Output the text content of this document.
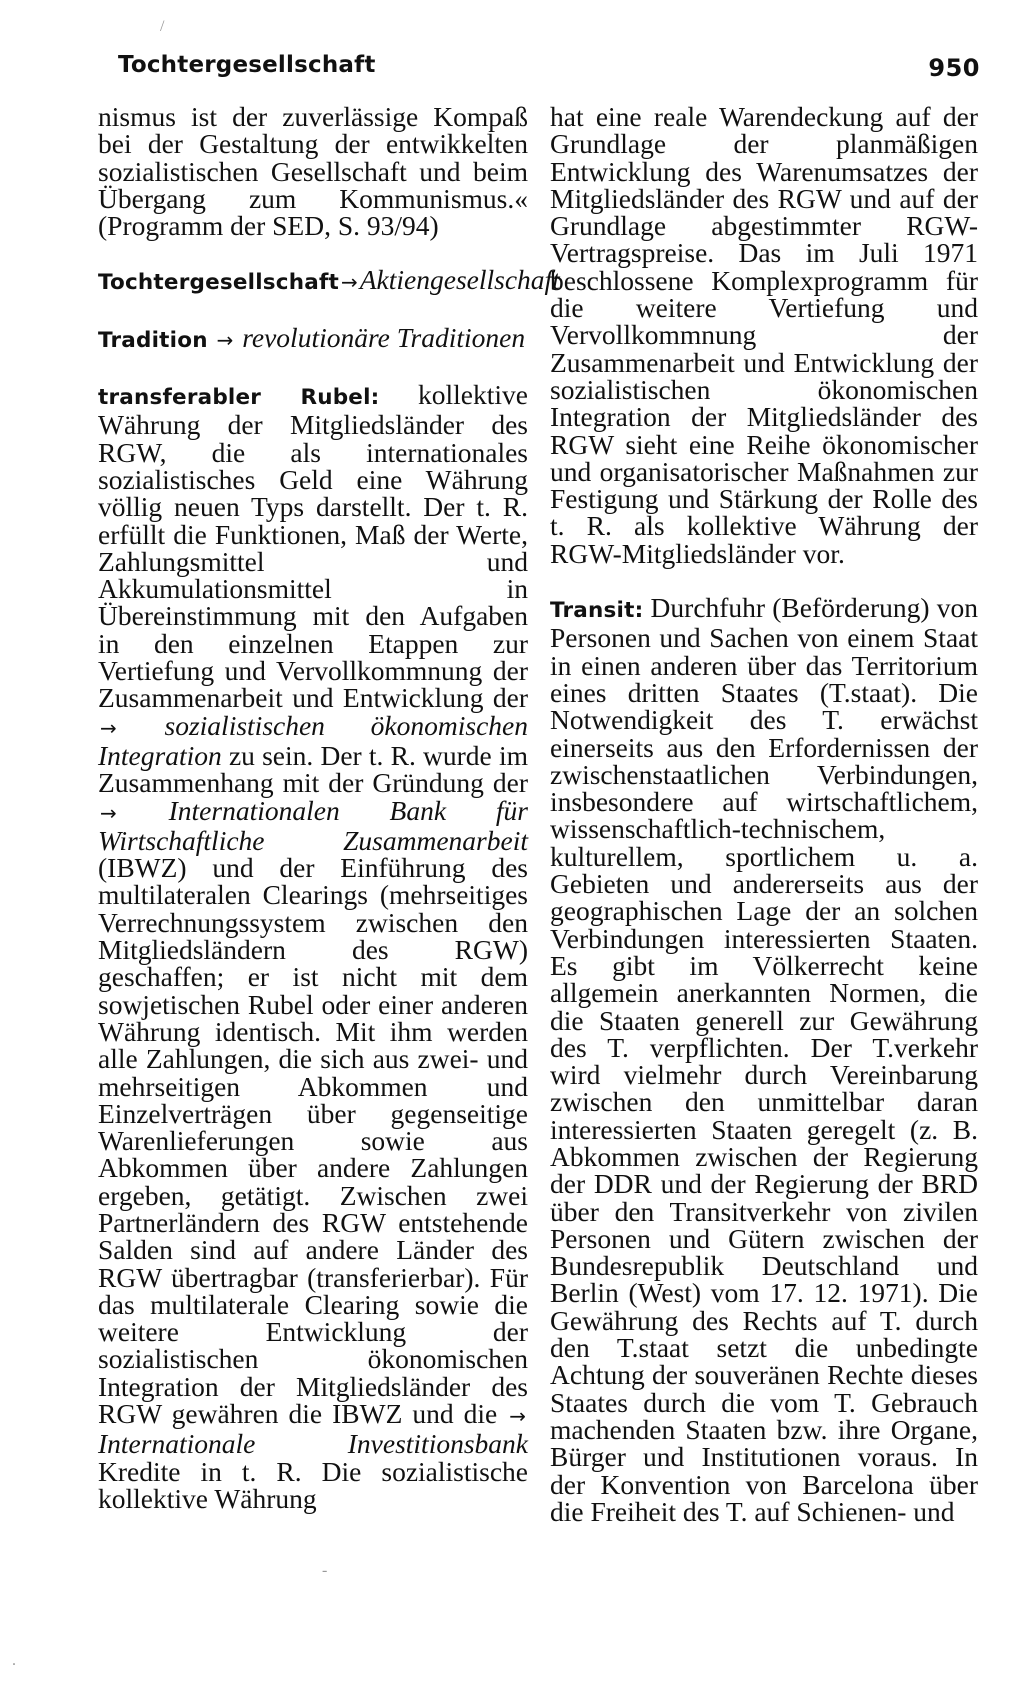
/
Tochtergesellschaft	950

nismus ist der zuverlässige Kompaß bei der Gestaltung der entwikkelten sozialistischen Gesellschaft und beim Übergang zum Kommunismus.« (Programm der SED, S. 93/94)

Tochtergesellschaft →Aktiengesellschaft

Tradition → revolutionäre Traditionen

transferabler Rubel: kollektive Währung der Mitgliedsländer des RGW, die als internationales sozialistisches Geld eine Währung völlig neuen Typs darstellt. Der t. R. erfüllt die Funktionen, Maß der Werte, Zahlungsmittel und Akkumulationsmittel in Übereinstimmung mit den Aufgaben in den einzelnen Etappen zur Vertiefung und Vervollkommnung der Zusammenarbeit und Entwicklung der → sozialistischen ökonomischen Integration zu sein. Der t. R. wurde im Zusammenhang mit der Gründung der → Internationalen Bank für Wirtschaftliche Zusammenarbeit (IBWZ) und der Einführung des multilateralen Clearings (mehrseitiges Verrechnungssystem zwischen den Mitgliedsländern des RGW) geschaffen; er ist nicht mit dem sowjetischen Rubel oder einer anderen Währung identisch. Mit ihm werden alle Zahlungen, die sich aus zwei- und mehrseitigen Abkommen und Einzelverträgen über gegenseitige Warenlieferungen sowie aus Abkommen über andere Zahlungen ergeben, getätigt. Zwischen zwei Partnerländern des RGW entstehende Salden sind auf andere Länder des RGW übertragbar (transferierbar). Für das multilaterale Clearing sowie die weitere Entwicklung der sozialistischen ökonomischen Integration der Mitgliedsländer des RGW gewähren die IBWZ und die → Internationale Investitionsbank Kredite in t. R. Die sozialistische kollektive Währung

hat eine reale Warendeckung auf der Grundlage der planmäßigen Entwicklung des Warenumsatzes der Mitgliedsländer des RGW und auf der Grundlage abgestimmter RGW-Vertragspreise. Das im Juli 1971 beschlossene Komplexprogramm für die weitere Vertiefung und Vervollkommnung der Zusammenarbeit und Entwicklung der sozialistischen ökonomischen Integration der Mitgliedsländer des RGW sieht eine Reihe ökonomischer und organisatorischer Maßnahmen zur Festigung und Stärkung der Rolle des t. R. als kollektive Währung der RGW-Mitgliedsländer vor.

Transit: Durchfuhr (Beförderung) von Personen und Sachen von einem Staat in einen anderen über das Territorium eines dritten Staates (T.staat). Die Notwendigkeit des T. erwächst einerseits aus den Erfordernissen der zwischenstaatlichen Verbindungen, insbesondere auf wirtschaftlichem, wissenschaftlich-technischem, kulturellem, sportlichem u. a. Gebieten und andererseits aus der geographischen Lage der an solchen Verbindungen interessierten Staaten. Es gibt im Völkerrecht keine allgemein anerkannten Normen, die die Staaten generell zur Gewährung des T. verpflichten. Der T.verkehr wird vielmehr durch Vereinbarung zwischen den unmittelbar daran interessierten Staaten geregelt (z. B. Abkommen zwischen der Regierung der DDR und der Regierung der BRD über den Transitverkehr von zivilen Personen und Gütern zwischen der Bundesrepublik Deutschland und Berlin (West) vom 17. 12. 1971). Die Gewährung des Rechts auf T. durch den T.staat setzt die unbedingte Achtung der souveränen Rechte dieses Staates durch die vom T. Gebrauch machenden Staaten bzw. ihre Organe, Bürger und Institutionen voraus. In der Konvention von Barcelona über die Freiheit des T. auf Schienen- und

-
.
